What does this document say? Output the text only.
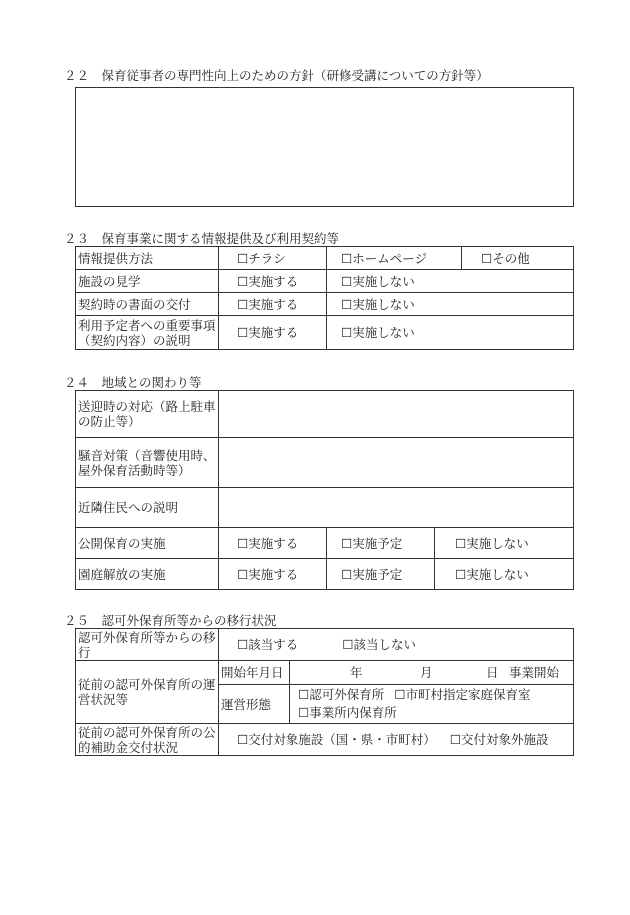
２２　保育従事者の専門性向上のための方針（研修受講についての方針等）
２３　保育事業に関する情報提供及び利用契約等
情報提供方法	☐ チラシ	☐ ホームページ	☐ その他
施設の見学	☐ 実施する	☐ 実施しない
契約時の書面の交付	☐ 実施する	☐ 実施しない
利用予定者への重要事項（契約内容）の説明	☐ 実施する	☐ 実施しない
２４　地域との関わり等
送迎時の対応（路上駐車の防止等）			
騒音対策（音響使用時、屋外保育活動時等）			
近隣住民への説明			
公開保育の実施	☐ 実施する	☐ 実施予定	☐ 実施しない
園庭解放の実施	☐ 実施する	☐ 実施予定	☐ 実施しない
２５　認可外保育所等からの移行状況
認可外保育所等からの移行	☐ 該当する ☐ 該当しない
従前の認可外保育所の運営状況等	開始年月日	年 月 日 事業開始

	運営形態	☐ 認可外保育所 ☐ 市町村指定家庭保育室
☐ 事業所内保育所
従前の認可外保育所の公的補助金交付状況	☐ 交付対象施設（国・県・市町村） ☐ 交付対象外施設
